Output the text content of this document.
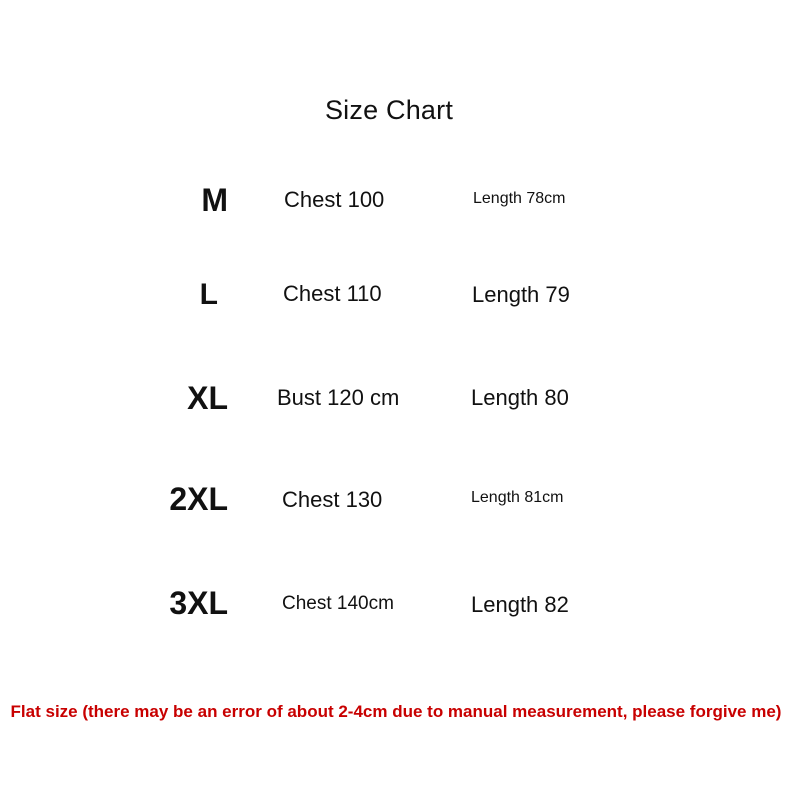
Size Chart
M	Chest 100	Length 78cm
L	Chest 110	Length 79
XL Bust 120 cm	Length 80
2XL Chest 130	Length 81cm
3XL	Chest 140cm	Length 82
Flat size (there may be an error of about 2-4cm due to manual measurement, please forgive me)
